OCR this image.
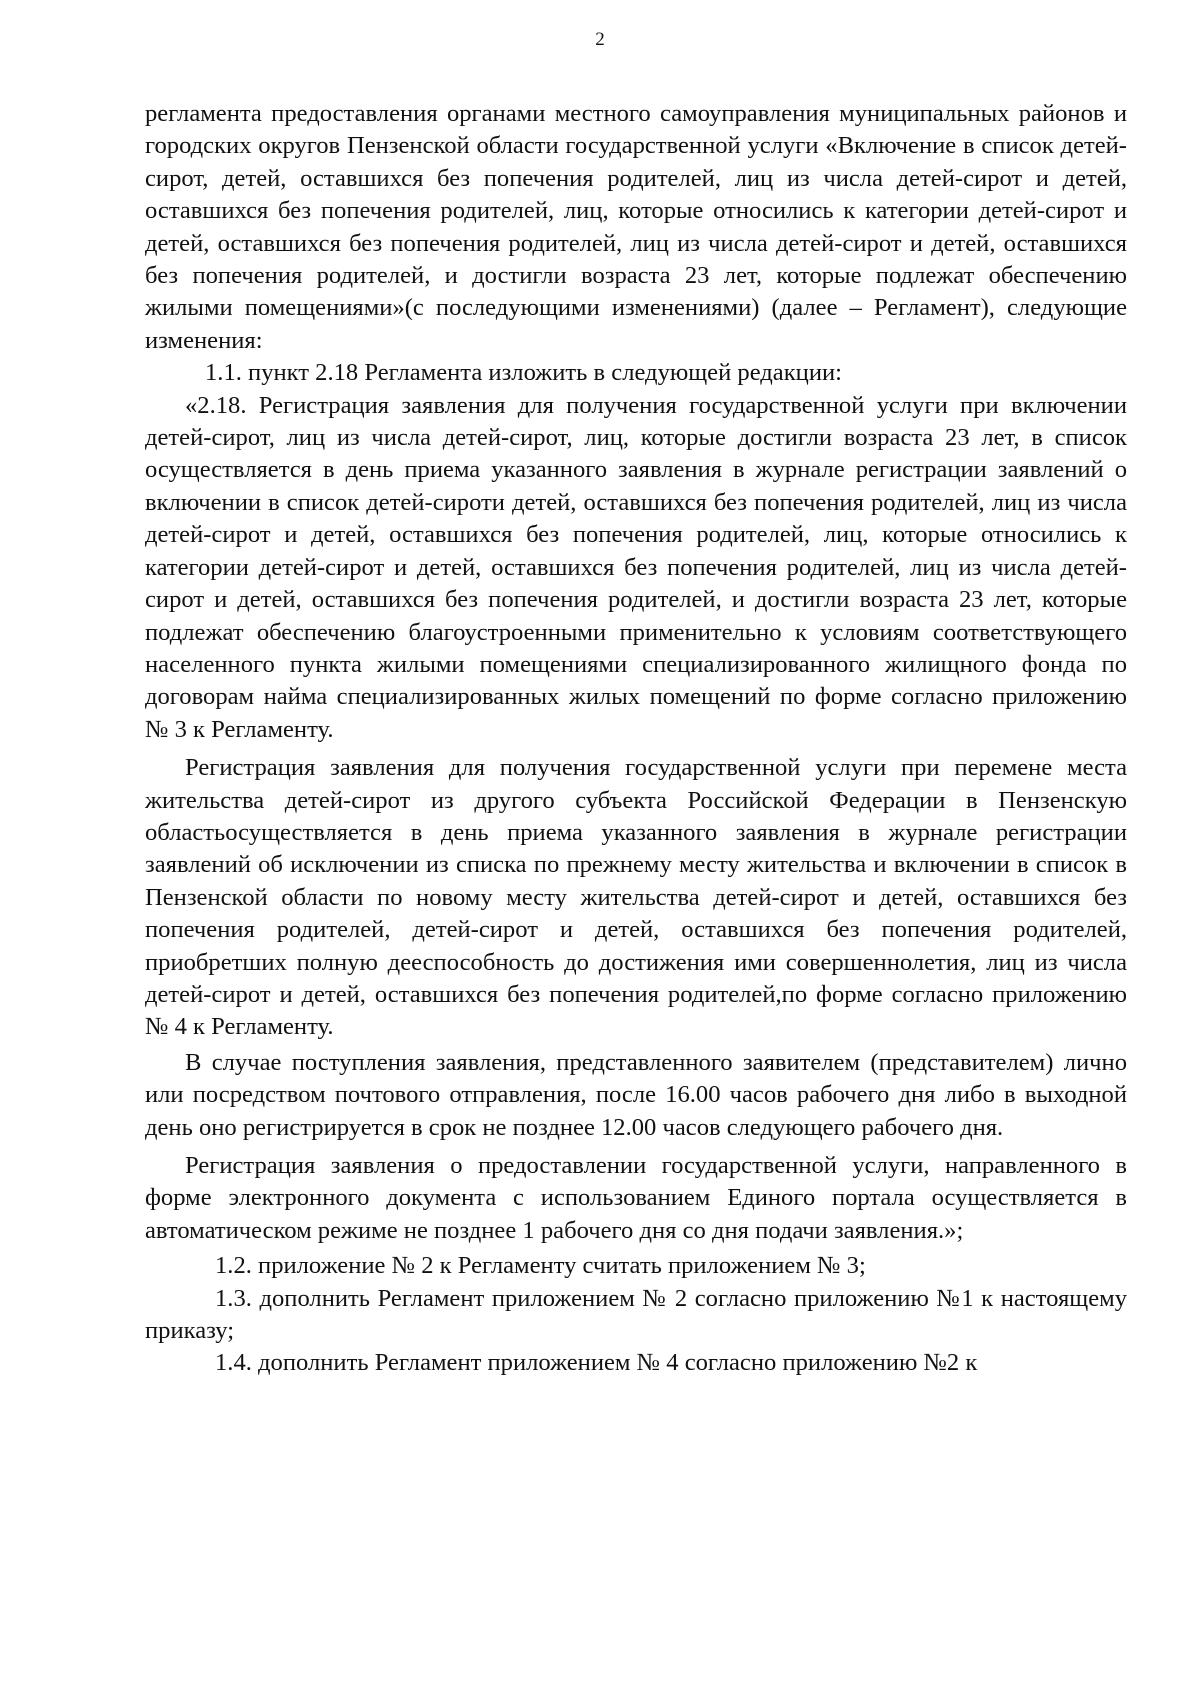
2

регламента предоставления органами местного самоуправления муниципальных районов и городских округов Пензенской области государственной услуги «Включение в список детей-сирот, детей, оставшихся без попечения родителей, лиц из числа детей-сирот и детей, оставшихся без попечения родителей, лиц, которые относились к категории детей-сирот и детей, оставшихся без попечения родителей, лиц из числа детей-сирот и детей, оставшихся без попечения родителей, и достигли возраста 23 лет, которые подлежат обеспечению жилыми помещениями»(с последующими изменениями) (далее – Регламент), следующие изменения:

1.1. пункт 2.18 Регламента изложить в следующей редакции:

«2.18. Регистрация заявления для получения государственной услуги при включении детей-сирот, лиц из числа детей-сирот, лиц, которые достигли возраста 23 лет, в список осуществляется в день приема указанного заявления в журнале регистрации заявлений о включении в список детей-сироти детей, оставшихся без попечения родителей, лиц из числа детей-сирот и детей, оставшихся без попечения родителей, лиц, которые относились к категории детей-сирот и детей, оставшихся без попечения родителей, лиц из числа детей-сирот и детей, оставшихся без попечения родителей, и достигли возраста 23 лет, которые подлежат обеспечению благоустроенными применительно к условиям соответствующего населенного пункта жилыми помещениями специализированного жилищного фонда по договорам найма специализированных жилых помещений по форме согласно приложению № 3 к Регламенту.

Регистрация заявления для получения государственной услуги при перемене места жительства детей-сирот из другого субъекта Российской Федерации в Пензенскую областьосуществляется в день приема указанного заявления в журнале регистрации заявлений об исключении из списка по прежнему месту жительства и включении в список в Пензенской области по новому месту жительства детей-сирот и детей, оставшихся без попечения родителей, детей-сирот и детей, оставшихся без попечения родителей, приобретших полную дееспособность до достижения ими совершеннолетия, лиц из числа детей-сирот и детей, оставшихся без попечения родителей,по форме согласно приложению № 4 к Регламенту.

В случае поступления заявления, представленного заявителем (представителем) лично или посредством почтового отправления, после 16.00 часов рабочего дня либо в выходной день оно регистрируется в срок не позднее 12.00 часов следующего рабочего дня.

Регистрация заявления о предоставлении государственной услуги, направленного в форме электронного документа с использованием Единого портала осуществляется в автоматическом режиме не позднее 1 рабочего дня со дня подачи заявления.»;

1.2. приложение № 2 к Регламенту считать приложением № 3;

1.3. дополнить Регламент приложением № 2 согласно приложению №1 к настоящему приказу;

1.4. дополнить Регламент приложением № 4 согласно приложению №2 к
